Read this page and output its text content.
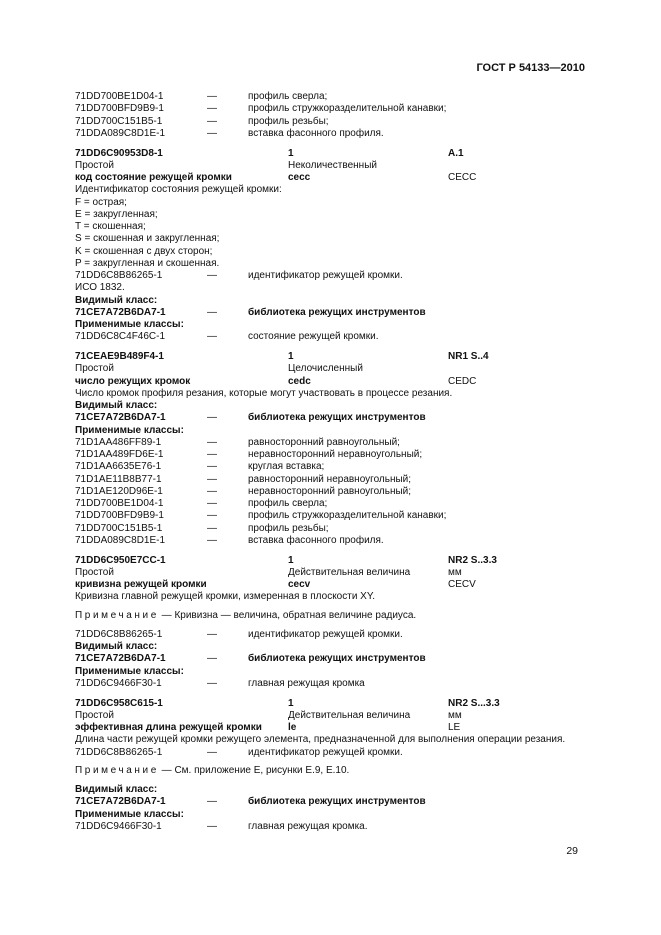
ГОСТ Р 54133—2010
71DD700BE1D04-1	—	профиль сверла;
71DD700BFD9B9-1	—	профиль стружкоразделительной канавки;
71DD700C151B5-1	—	профиль резьбы;
71DDA089C8D1E-1	—	вставка фасонного профиля.
71DD6C90953D8-1	1	A.1
Простой	Неколичественный
код состояние режущей кромки	cecc	CECC
Идентификатор состояния режущей кромки:
F = острая;
E = закругленная;
T = скошенная;
S = скошенная и закругленная;
K = скошенная с двух сторон;
P = закругленная и скошенная.
71DD6C8B86265-1	—	идентификатор режущей кромки.
ИСО 1832.
Видимый класс:
71CE7A72B6DA7-1	—	библиотека режущих инструментов
Применимые классы:
71DD6C8C4F46C-1	—	состояние режущей кромки.
71CEAE9B489F4-1	1	NR1 S..4
Простой	Целочисленный
число режущих кромок	cedc	CEDC
Число кромок профиля резания, которые могут участвовать в процессе резания.
Видимый класс:
71CE7A72B6DA7-1	—	библиотека режущих инструментов
Применимые классы:
71D1AA486FF89-1	—	равносторонний равноугольный;
71D1AA489FD6E-1	—	неравносторонний неравноугольный;
71D1AA6635E76-1	—	круглая вставка;
71D1AE11B8B77-1	—	равносторонний неравноугольный;
71D1AE120D96E-1	—	неравносторонний равноугольный;
71DD700BE1D04-1	—	профиль сверла;
71DD700BFD9B9-1	—	профиль стружкоразделительной канавки;
71DD700C151B5-1	—	профиль резьбы;
71DDA089C8D1E-1	—	вставка фасонного профиля.
71DD6C950E7CC-1	1	NR2 S..3.3
Простой	Действительная величина	мм
кривизна режущей кромки	cecv	CECV
Кривизна главной режущей кромки, измеренная в плоскости XY.
Примечание — Кривизна — величина, обратная величине радиуса.
71DD6C8B86265-1	—	идентификатор режущей кромки.
Видимый класс:
71CE7A72B6DA7-1	—	библиотека режущих инструментов
Применимые классы:
71DD6C9466F30-1	—	главная режущая кромка
71DD6C958C615-1	1	NR2 S...3.3
Простой	Действительная величина	мм
эффективная длина режущей кромки	le	LE
Длина части режущей кромки режущего элемента, предназначенной для выполнения операции резания.
71DD6C8B86265-1	—	идентификатор режущей кромки.
Примечание — См. приложение Е, рисунки Е.9, Е.10.
Видимый класс:
71CE7A72B6DA7-1	—	библиотека режущих инструментов
Применимые классы:
71DD6C9466F30-1	—	главная режущая кромка.
29
